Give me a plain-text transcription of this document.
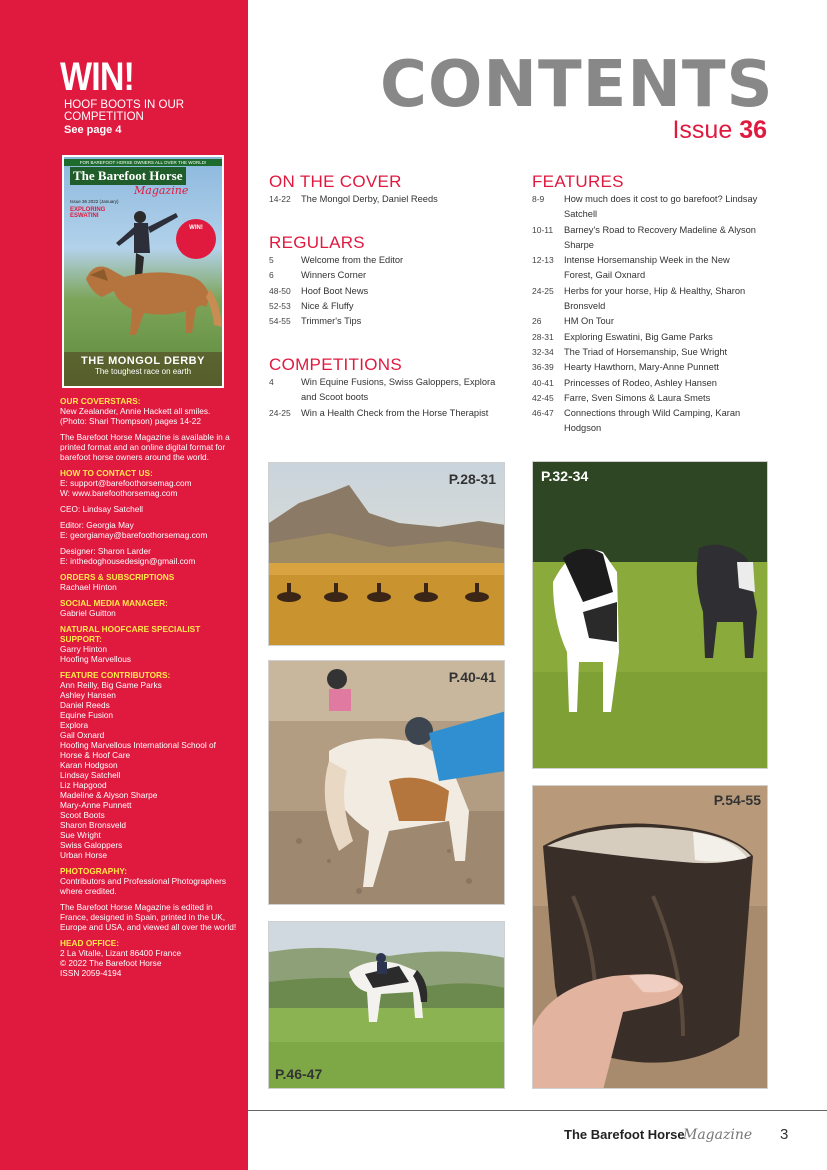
WIN!
HOOF BOOTS IN OUR COMPETITION
See page 4
FOR BAREFOOT HORSE OWNERS ALL OVER THE WORLD!
The Barefoot Horse
Magazine
Issue 36 2022 (January)
EXPLORING ESWATINI
WIN!
THE MONGOL DERBY
The toughest race on earth
OUR COVERSTARS:
New Zealander, Annie Hackett all smiles. (Photo: Shari Thompson) pages 14-22
The Barefoot Horse Magazine is available in a printed format and an online digital format for barefoot horse owners around the world.
HOW TO CONTACT US:
E: support@barefoothorsemag.com
W: www.barefoothorsemag.com
CEO: Lindsay Satchell
Editor: Georgia May
E: georgiamay@barefoothorsemag.com
Designer: Sharon Larder
E: inthedoghousedesign@gmail.com
ORDERS & SUBSCRIPTIONS
Rachael Hinton
SOCIAL MEDIA MANAGER:
Gabriel Guitton
NATURAL HOOFCARE SPECIALIST SUPPORT:
Garry Hinton
Hoofing Marvellous
FEATURE CONTRIBUTORS:
Ann Reilly, Big Game Parks
Ashley Hansen
Daniel Reeds
Equine Fusion
Explora
Gail Oxnard
Hoofing Marvellous International School of Horse & Hoof Care
Karan Hodgson
Lindsay Satchell
Liz Hapgood
Madeline & Alyson Sharpe
Mary-Anne Punnett
Scoot Boots
Sharon Bronsveld
Sue Wright
Swiss Galoppers
Urban Horse
PHOTOGRAPHY:
Contributors and Professional Photographers where credited.
The Barefoot Horse Magazine is edited in France, designed in Spain, printed in the UK, Europe and USA, and viewed all over the world!
HEAD OFFICE:
2 La Vitalle, Lizant 86400 France
© 2022 The Barefoot Horse
ISSN 2059-4194
CONTENTS
Issue 36
ON THE COVER
14-22	The Mongol Derby, Daniel Reeds
REGULARS
5	Welcome from the Editor
6	Winners Corner
48-50	Hoof Boot News
52-53	Nice & Fluffy
54-55	Trimmer's Tips
COMPETITIONS
4	Win Equine Fusions, Swiss Galoppers, Explora and Scoot boots
24-25	Win a Health Check from the Horse Therapist
FEATURES
8-9	How much does it cost to go barefoot? Lindsay Satchell
10-11	Barney's Road to Recovery Madeline & Alyson Sharpe
12-13	Intense Horsemanship Week in the New Forest, Gail Oxnard
24-25	Herbs for your horse, Hip & Healthy, Sharon Bronsveld
26	HM On Tour
28-31	Exploring Eswatini, Big Game Parks
32-34	The Triad of Horsemanship, Sue Wright
36-39	Hearty Hawthorn, Mary-Anne Punnett
40-41	Princesses of Rodeo, Ashley Hansen
42-45	Farre, Sven Simons & Laura Smets
46-47	Connections through Wild Camping, Karan Hodgson
P.28-31	P.32-34
P.40-41
P.54-55
P.46-47
The Barefoot Horse
Magazine 3
